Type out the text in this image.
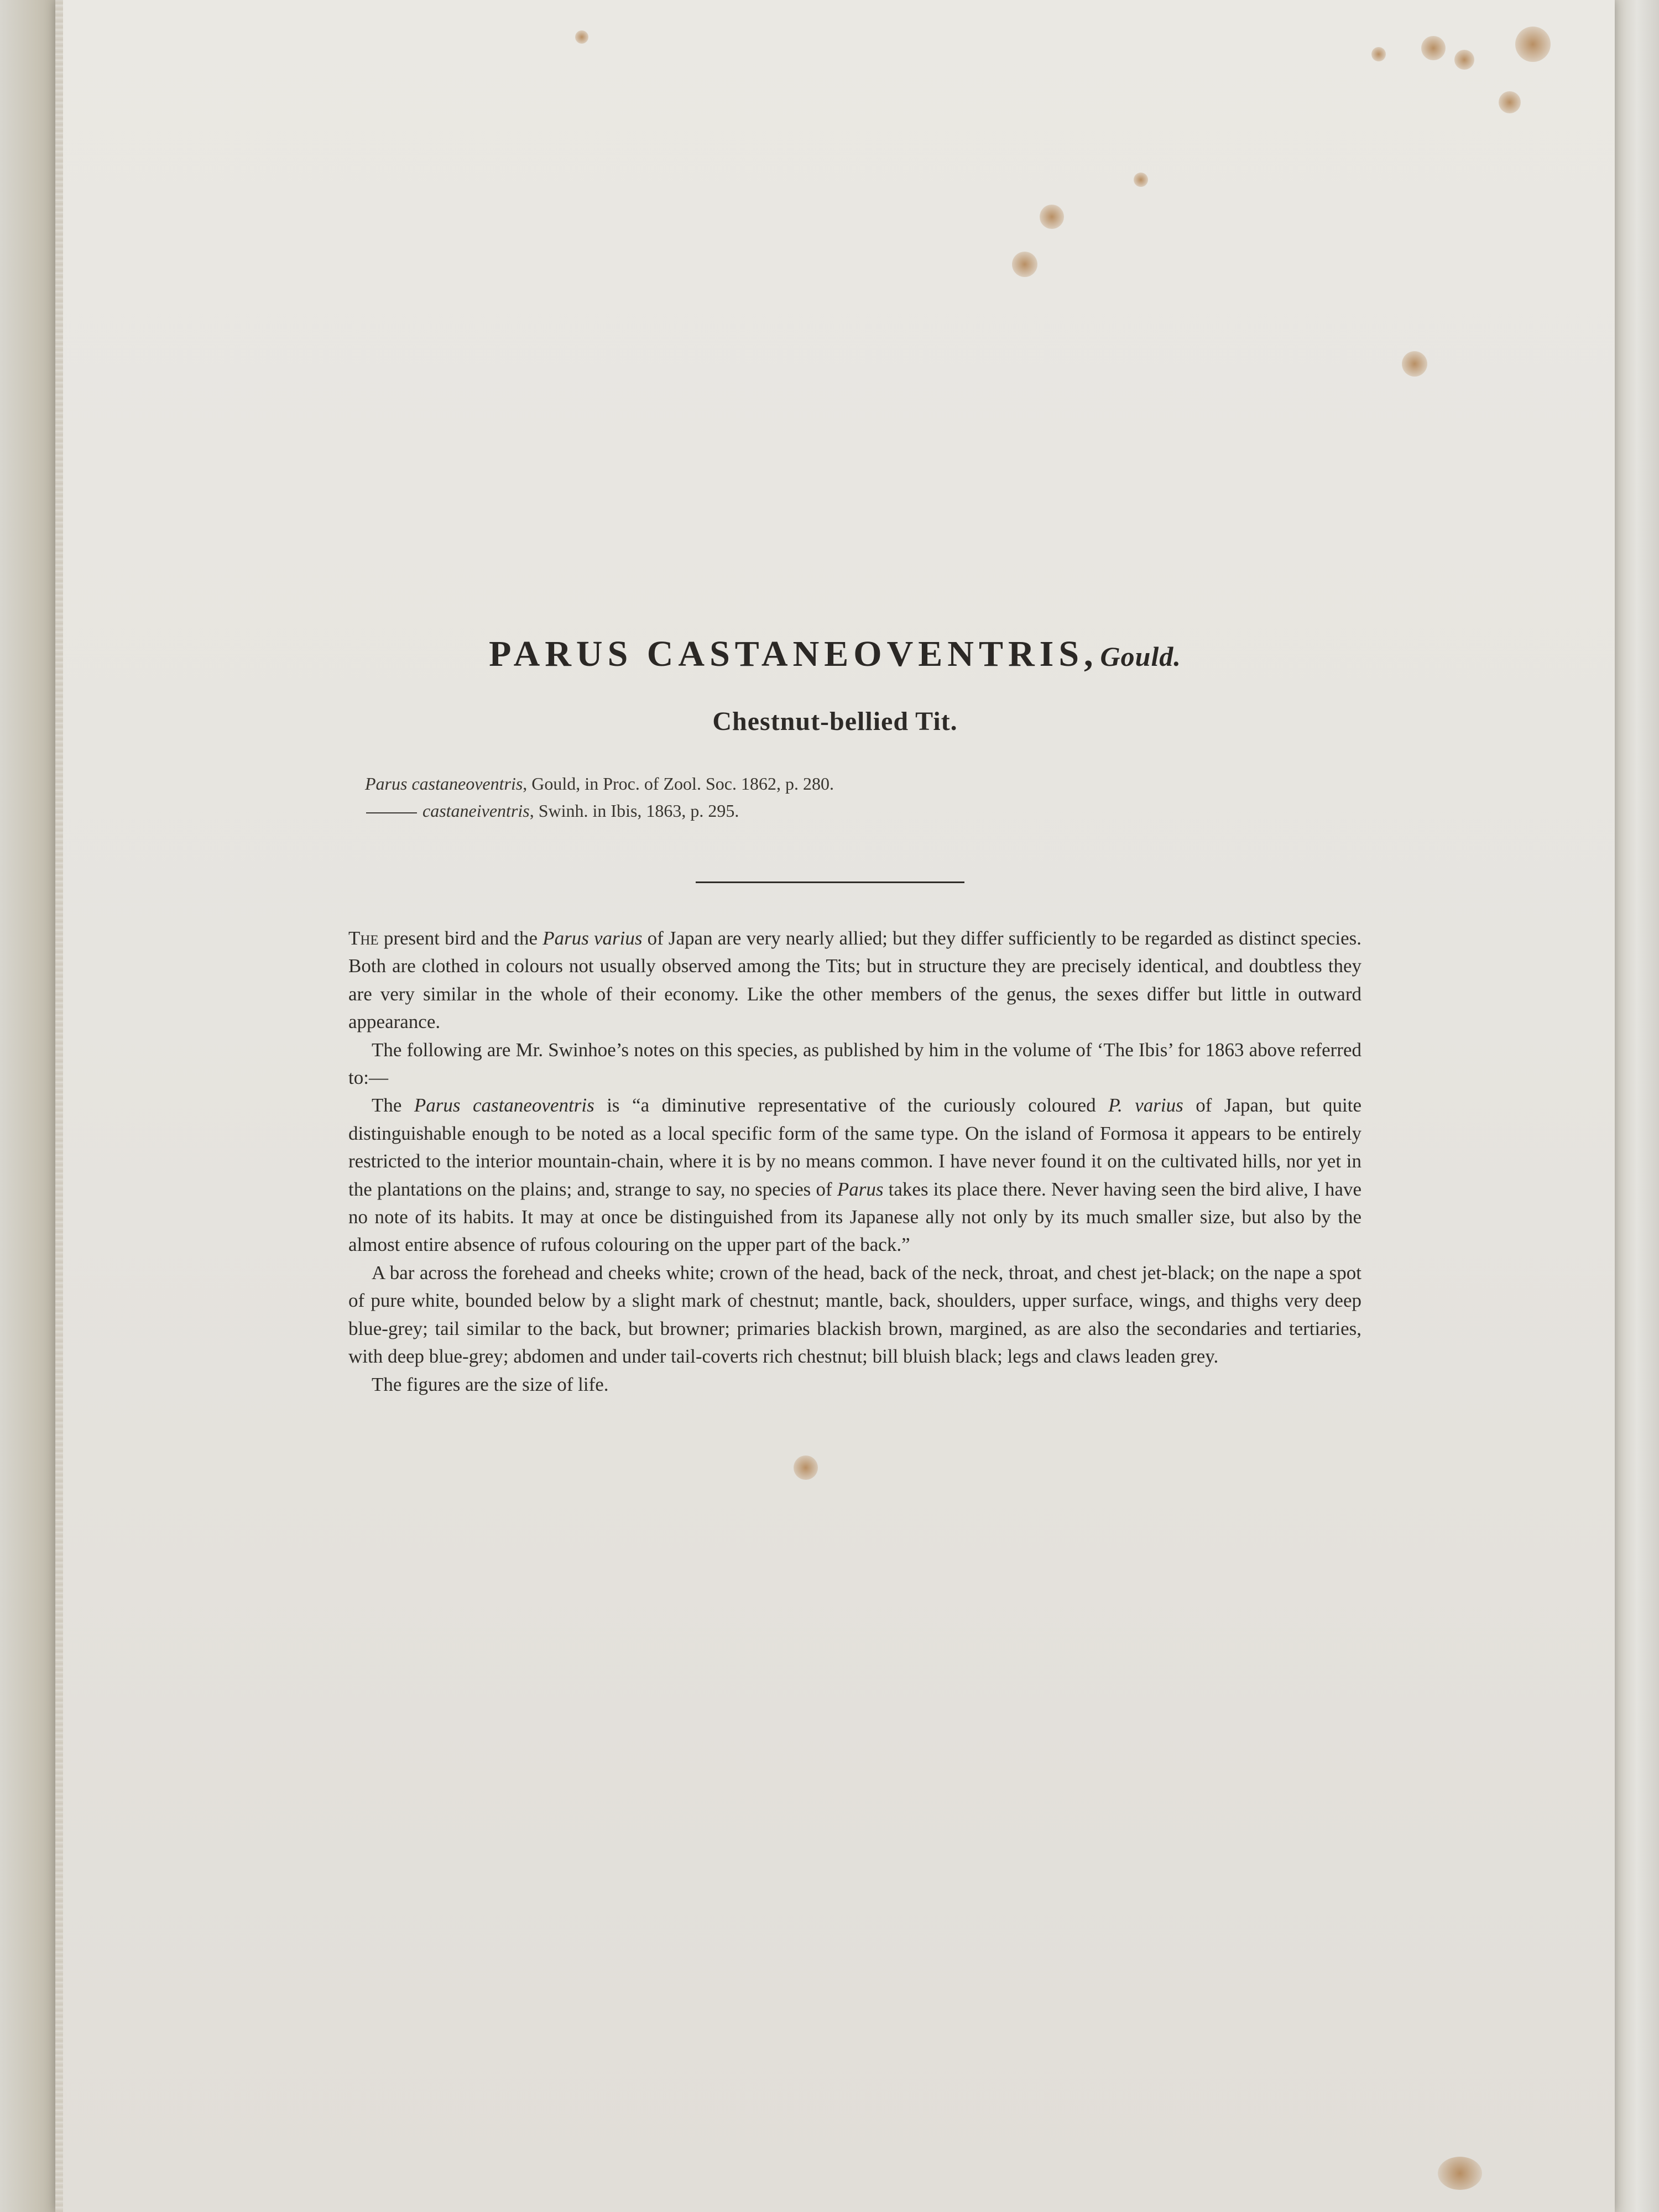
PARUS CASTANEOVENTRIS, Gould.
Chestnut-bellied Tit.
Parus castaneoventris, Gould, in Proc. of Zool. Soc. 1862, p. 280.
castaneiventris, Swinh. in Ibis, 1863, p. 295.

The present bird and the Parus varius of Japan are very nearly allied; but they differ sufficiently to be regarded as distinct species. Both are clothed in colours not usually observed among the Tits; but in structure they are precisely identical, and doubtless they are very similar in the whole of their economy. Like the other members of the genus, the sexes differ but little in outward appearance.

The following are Mr. Swinhoe’s notes on this species, as published by him in the volume of ‘The Ibis’ for 1863 above referred to:—

The Parus castaneoventris is “a diminutive representative of the curiously coloured P. varius of Japan, but quite distinguishable enough to be noted as a local specific form of the same type. On the island of Formosa it appears to be entirely restricted to the interior mountain-chain, where it is by no means common. I have never found it on the cultivated hills, nor yet in the plantations on the plains; and, strange to say, no species of Parus takes its place there. Never having seen the bird alive, I have no note of its habits. It may at once be distinguished from its Japanese ally not only by its much smaller size, but also by the almost entire absence of rufous colouring on the upper part of the back.”

A bar across the forehead and cheeks white; crown of the head, back of the neck, throat, and chest jet-black; on the nape a spot of pure white, bounded below by a slight mark of chestnut; mantle, back, shoulders, upper surface, wings, and thighs very deep blue-grey; tail similar to the back, but browner; primaries blackish brown, margined, as are also the secondaries and tertiaries, with deep blue-grey; abdomen and under tail-coverts rich chestnut; bill bluish black; legs and claws leaden grey.

The figures are the size of life.
